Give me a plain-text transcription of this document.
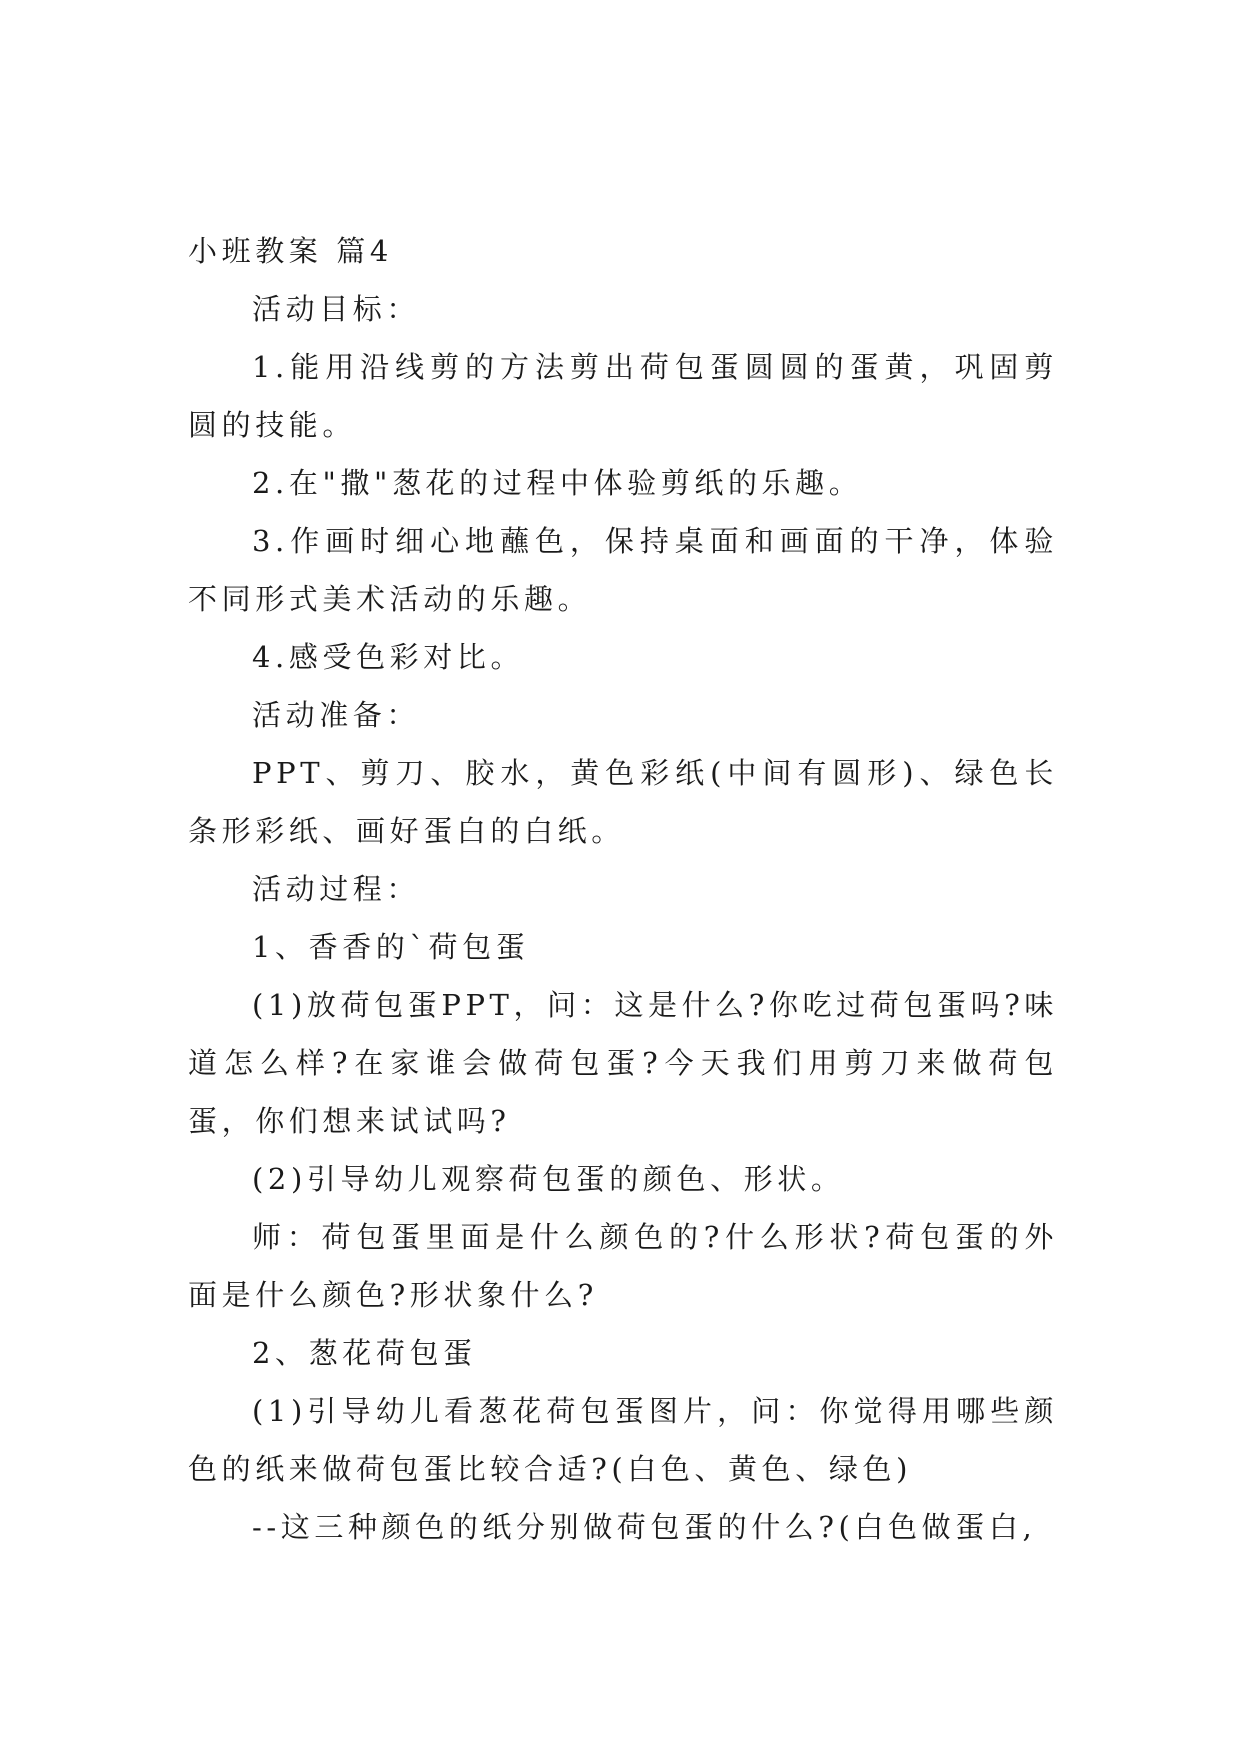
小班教案 篇4

活动目标：

1.能用沿线剪的方法剪出荷包蛋圆圆的蛋黄，巩固剪圆的技能。

2.在"撒"葱花的过程中体验剪纸的乐趣。

3.作画时细心地蘸色，保持桌面和画面的干净，体验不同形式美术活动的乐趣。

4.感受色彩对比。

活动准备：

PPT、剪刀、胶水，黄色彩纸(中间有圆形)、绿色长条形彩纸、画好蛋白的白纸。

活动过程：

1、香香的`荷包蛋

(1)放荷包蛋PPT，问：这是什么?你吃过荷包蛋吗?味道怎么样?在家谁会做荷包蛋?今天我们用剪刀来做荷包蛋，你们想来试试吗?

(2)引导幼儿观察荷包蛋的颜色、形状。

师：荷包蛋里面是什么颜色的?什么形状?荷包蛋的外面是什么颜色?形状象什么?

2、葱花荷包蛋

(1)引导幼儿看葱花荷包蛋图片，问：你觉得用哪些颜色的纸来做荷包蛋比较合适?(白色、黄色、绿色)

--这三种颜色的纸分别做荷包蛋的什么?(白色做蛋白,
